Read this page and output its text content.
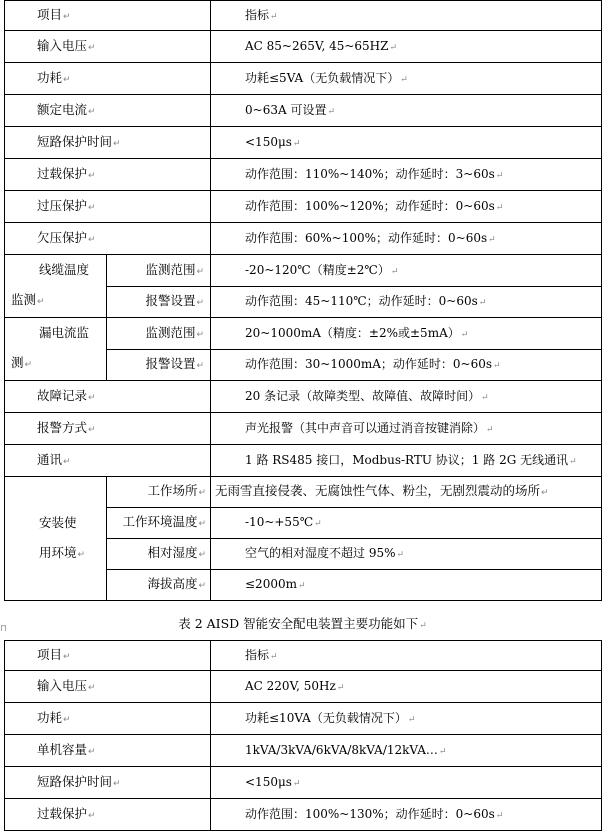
项目↵		指标↵
输入电压↵		AC 85~265V, 45~65HZ↵
功耗↵		功耗≤5VA（无负载情况下）↵
额定电流↵		0~63A 可设置↵
短路保护时间↵		<150μs↵
过载保护↵		动作范围：110%~140%；动作延时：3~60s↵
过压保护↵		动作范围：100%~120%；动作延时：0~60s↵
欠压保护↵		动作范围：60%~100%；动作延时：0~60s↵

线缆温度
监测↵	监测范围↵	-20~120℃（精度±2℃）↵
	报警设置↵	动作范围：45~110℃；动作延时：0~60s↵

漏电流监
测↵	监测范围↵	20~1000mA（精度：±2%或±5mA）↵
	报警设置↵	动作范围：30~1000mA；动作延时：0~60s↵
故障记录↵		20 条记录（故障类型、故障值、故障时间）↵
报警方式↵		声光报警（其中声音可以通过消音按键消除）↵
通讯↵		1 路 RS485 接口，Modbus-RTU 协议；1 路 2G 无线通讯↵

安装使
用环境↵	工作场所↵	无雨雪直接侵袭、无腐蚀性气体、粉尘，无剧烈震动的场所↵
	工作环境温度↵	-10~+55℃↵
	相对湿度↵	空气的相对湿度不超过 95%↵
	海拔高度↵	≤2000m↵
⊓	表 2 AISD 智能安全配电装置主要功能如下↵
项目↵	指标↵
输入电压↵	AC 220V, 50Hz↵
功耗↵	功耗≤10VA（无负载情况下）↵
单机容量↵	1kVA/3kVA/6kVA/8kVA/12kVA…↵
短路保护时间↵	<150μs↵
过载保护↵	动作范围：100%~130%；动作延时：0~60s↵
